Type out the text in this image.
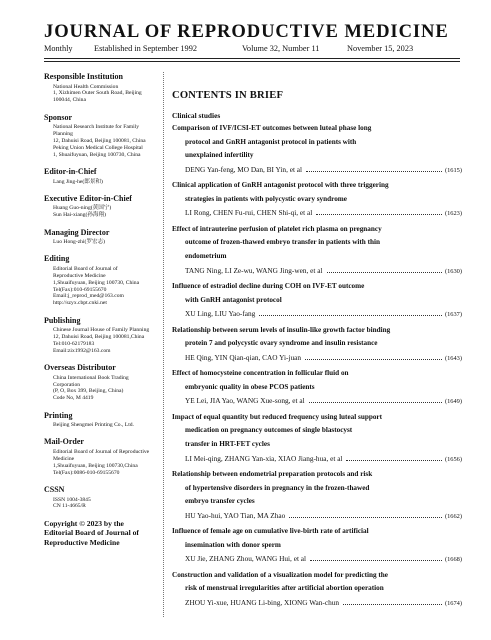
JOURNAL OF REPRODUCTIVE MEDICINE
Monthly	Established in September 1992	Volume 32, Number 11	November 15, 2023
Responsible Institution
National Health Commission
1, Xizhimen Outer South Road, Beijing
100044, China
Sponsor
National Research Institute for Family
Planning
12, Dahuisi Road, Beijing 100081, China
Peking Union Medical College Hospital
1, Shuaifuyuan, Beijing 100730, China
Editor-in-Chief
Lang Jing-he(郎景和)
Executive Editor-in-Chief
Huang Guo-ning(黄国宁)
Sun Hai-xiang(孙海翔)
Managing Director
Luo Hong-zhi(罗宏志)
Editing
Editorial Board of Journal of
Reproductive Medicine
1,Shuaifuyuan, Beijing 100730, China
Tel(Fax):010-69155670
Email:j_reprod_med@163.com
http://szyx.cbpt.cnki.net
Publishing
Chinese Journal House of Family Planning
12, Dahuisi Road, Beijing 100081,China
Tel:010-62179183
Email:zix1992@163.com
Overseas Distributor
China International Book Trading
Corporation
(P, O, Box 399, Beijing, China)
Code No, M 4419
Printing
Beijing Shengmei Printing Co., Ltd.
Mail-Order
Editorial Board of Journal of Reproductive
Medicine
1,Shuaifuyuan, Beijing 100730,China
Tel(Fax):0086-010-69155670
CSSN
ISSN 1004-3845
CN 11-4665/R
Copyright © 2023 by the
Editorial Board of Journal of
Reproductive Medicine
CONTENTS IN BRIEF
Clinical studies
Comparison of IVF/ICSI-ET outcomes between luteal phase long
protocol and GnRH antagonist protocol in patients with
unexplained infertility
DENG Yan-feng, MO Dan, BI Yin, et al	(1615)
Clinical application of GnRH antagonist protocol with three triggering
strategies in patients with polycystic ovary syndrome
LI Rong, CHEN Fu-rui, CHEN Shi-qi, et al	(1623)
Effect of intrauterine perfusion of platelet rich plasma on pregnancy
outcome of frozen-thawed embryo transfer in patients with thin
endometrium
TANG Ning, LI Ze-wu, WANG Jing-wen, et al	(1630)
Influence of estradiol decline during COH on IVF-ET outcome
with GnRH antagonist protocol
XU Ling, LIU Yao-fang	(1637)
Relationship between serum levels of insulin-like growth factor binding
protein 7 and polycystic ovary syndrome and insulin resistance
HE Qing, YIN Qian-qian, CAO Yi-juan	(1643)
Effect of homocysteine concentration in follicular fluid on
embryonic quality in obese PCOS patients
YE Lei, JIA Yao, WANG Xue-song, et al	(1649)
Impact of equal quantity but reduced frequency using luteal support
medication on pregnancy outcomes of single blastocyst
transfer in HRT-FET cycles
LI Mei-qing, ZHANG Yan-xia, XIAO Jiang-hua, et al	(1656)
Relationship between endometrial preparation protocols and risk
of hypertensive disorders in pregnancy in the frozen-thawed
embryo transfer cycles
HU Yao-hui, YAO Tian, MA Zhao	(1662)
Influence of female age on cumulative live-birth rate of artificial
insemination with donor sperm
XU Jie, ZHANG Zhou, WANG Hui, et al	(1668)
Construction and validation of a visualization model for predicting the
risk of menstrual irregularities after artificial abortion operation
ZHOU Yi-xue, HUANG Li-bing, XIONG Wan-chun	(1674)
